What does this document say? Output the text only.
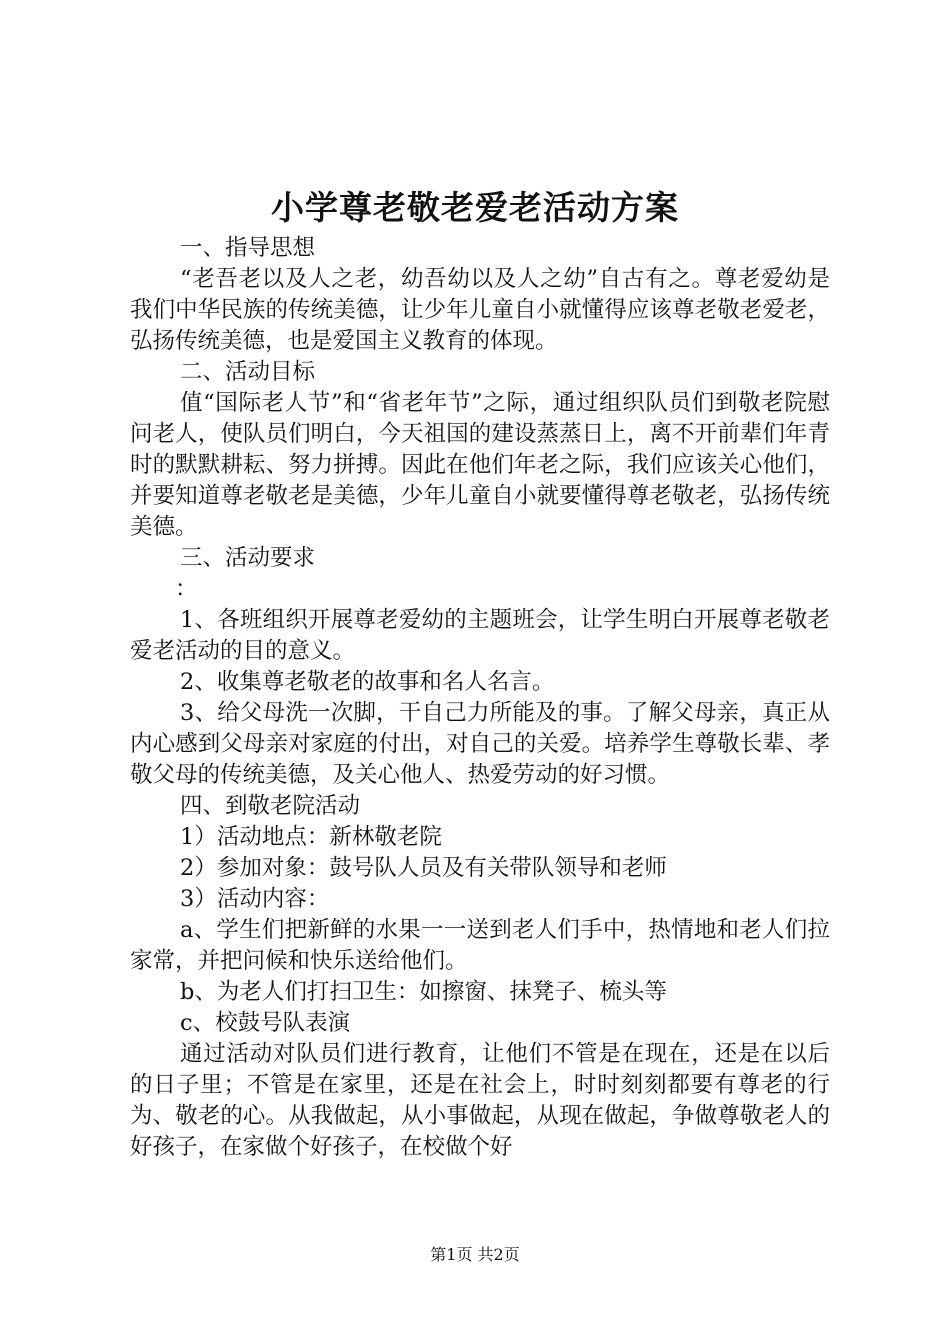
小学尊老敬老爱老活动方案

一、指导思想

“老吾老以及人之老，幼吾幼以及人之幼”自古有之。尊老爱幼是我们中华民族的传统美德，让少年儿童自小就懂得应该尊老敬老爱老，弘扬传统美德，也是爱国主义教育的体现。

二、活动目标

值“国际老人节”和“省老年节”之际，通过组织队员们到敬老院慰问老人，使队员们明白，今天祖国的建设蒸蒸日上，离不开前辈们年青时的默默耕耘、努力拼搏。因此在他们年老之际，我们应该关心他们，并要知道尊老敬老是美德，少年儿童自小就要懂得尊老敬老，弘扬传统美德。

三、活动要求

：

1、各班组织开展尊老爱幼的主题班会，让学生明白开展尊老敬老爱老活动的目的意义。

2、收集尊老敬老的故事和名人名言。

3、给父母洗一次脚，干自己力所能及的事。了解父母亲，真正从内心感到父母亲对家庭的付出，对自己的关爱。培养学生尊敬长辈、孝敬父母的传统美德，及关心他人、热爱劳动的好习惯。

四、到敬老院活动

1）活动地点：新林敬老院

2）参加对象：鼓号队人员及有关带队领导和老师

3）活动内容：

a、学生们把新鲜的水果一一送到老人们手中，热情地和老人们拉家常，并把问候和快乐送给他们。

b、为老人们打扫卫生：如擦窗、抹凳子、梳头等

c、校鼓号队表演

通过活动对队员们进行教育，让他们不管是在现在，还是在以后的日子里；不管是在家里，还是在社会上，时时刻刻都要有尊老的行为、敬老的心。从我做起，从小事做起，从现在做起，争做尊敬老人的好孩子，在家做个好孩子，在校做个好

第1页 共2页
